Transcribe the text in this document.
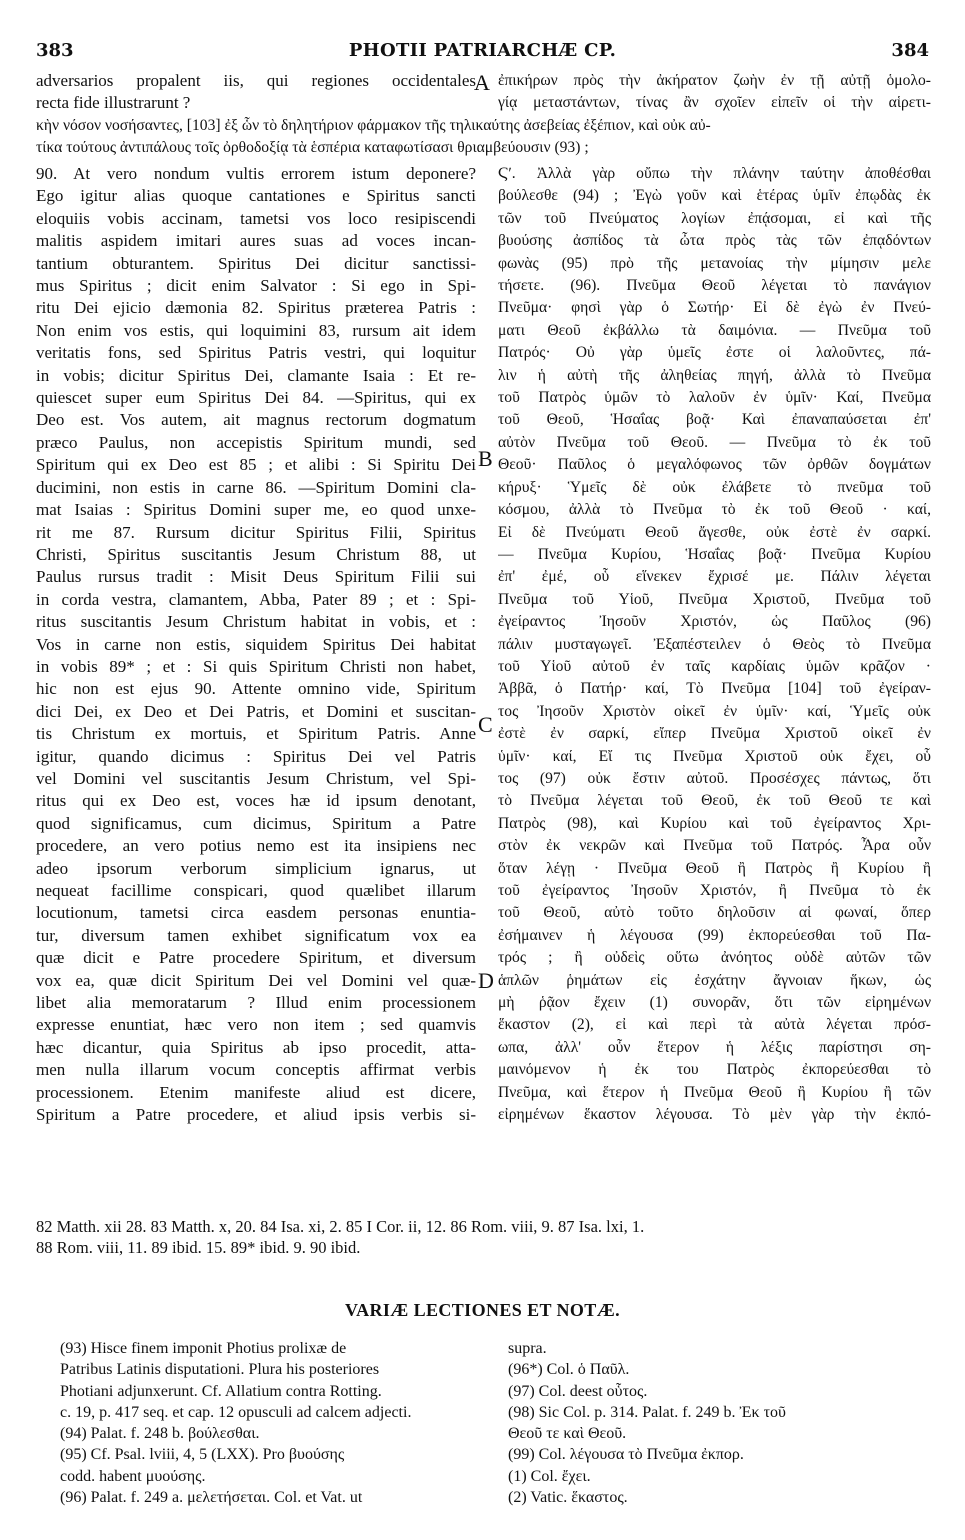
383	PHOTII PATRIARCHÆ CP.	384
adversarios propalent iis, qui regiones occidentales
recta fide illustrarunt ?
ἐπικήρων πρὸς τὴν ἀκήρατον ζωὴν ἐν τῇ αὐτῇ ὁμολο-
γίᾳ μεταστάντων, τίνας ἂν σχοῖεν εἰπεῖν οἱ τὴν αἱρετι-
κὴν νόσον νοσήσαντες, [103] ἐξ ὧν τὸ δηλητήριον φάρμακον τῆς τηλικαύτης ἀσεβείας ἐξέπιον, καὶ οὐκ αὐ-
τίκα τούτους ἀντιπάλους τοῖς ὀρθοδοξίᾳ τὰ ἑσπέρια καταφωτίσασι θριαμβεύουσιν (93) ;
A
B
C
D
90. At vero nondum vultis errorem istum deponere?
Ego igitur alias quoque cantationes e Spiritus sancti
eloquiis vobis accinam, tametsi vos loco resipiscendi
malitis aspidem imitari aures suas ad voces incan-
tantium obturantem. Spiritus Dei dicitur sanctissi-
mus Spiritus ; dicit enim Salvator : Si ego in Spi-
ritu Dei ejicio dæmonia 82. Spiritus præterea Patris :
Non enim vos estis, qui loquimini 83, rursum ait idem
veritatis fons, sed Spiritus Patris vestri, qui loquitur
in vobis; dicitur Spiritus Dei, clamante Isaia : Et re-
quiescet super eum Spiritus Dei 84. —Spiritus, qui ex
Deo est. Vos autem, ait magnus rectorum dogmatum
præco Paulus, non accepistis Spiritum mundi, sed
Spiritum qui ex Deo est 85 ; et alibi : Si Spiritu Dei
ducimini, non estis in carne 86. —Spiritum Domini cla-
mat Isaias : Spiritus Domini super me, eo quod unxe-
rit me 87. Rursum dicitur Spiritus Filii, Spiritus
Christi, Spiritus suscitantis Jesum Christum 88, ut
Paulus rursus tradit : Misit Deus Spiritum Filii sui
in corda vestra, clamantem, Abba, Pater 89 ; et : Spi-
ritus suscitantis Jesum Christum habitat in vobis, et :
Vos in carne non estis, siquidem Spiritus Dei habitat
in vobis 89* ; et : Si quis Spiritum Christi non habet,
hic non est ejus 90. Attente omnino vide, Spiritum
dici Dei, ex Deo et Dei Patris, et Domini et suscitan-
tis Christum ex mortuis, et Spiritum Patris. Anne
igitur, quando dicimus : Spiritus Dei vel Patris
vel Domini vel suscitantis Jesum Christum, vel Spi-
ritus qui ex Deo est, voces hæ id ipsum denotant,
quod significamus, cum dicimus, Spiritum a Patre
procedere, an vero potius nemo est ita insipiens nec
adeo ipsorum verborum simplicium ignarus, ut
nequeat facillime conspicari, quod quælibet illarum
locutionum, tametsi circa easdem personas enuntia-
tur, diversum tamen exhibet significatum vox ea
quæ dicit e Patre procedere Spiritum, et diversum
vox ea, quæ dicit Spiritum Dei vel Domini vel quæ-
libet alia memoratarum ? Illud enim processionem
expresse enuntiat, hæc vero non item ; sed quamvis
hæc dicantur, quia Spiritus ab ipso procedit, atta-
men nulla illarum vocum conceptis affirmat verbis
processionem. Etenim manifeste aliud est dicere,
Spiritum a Patre procedere, et aliud ipsis verbis si-
Ϛʹ. Ἀλλὰ γὰρ οὔπω τὴν πλάνην ταύτην ἀποθέσθαι
βούλεσθε (94) ; Ἐγὼ γοῦν καὶ ἑτέρας ὑμῖν ἐπῳδὰς ἐκ
τῶν τοῦ Πνεύματος λογίων ἐπᾴσομαι, εἰ καὶ τῆς
βυούσης ἀσπίδος τὰ ὦτα πρὸς τὰς τῶν ἐπᾳδόντων
φωνὰς (95) πρὸ τῆς μετανοίας τὴν μίμησιν μελε
τήσετε. (96). Πνεῦμα Θεοῦ λέγεται τὸ πανάγιον
Πνεῦμα· φησὶ γὰρ ὁ Σωτήρ· Εἰ δὲ ἐγὼ ἐν Πνεύ-
ματι Θεοῦ ἐκβάλλω τὰ δαιμόνια. — Πνεῦμα τοῦ
Πατρός· Οὐ γὰρ ὑμεῖς ἐστε οἱ λαλοῦντες, πά-
λιν ἡ αὐτὴ τῆς ἀληθείας πηγή, ἀλλὰ τὸ Πνεῦμα
τοῦ Πατρὸς ὑμῶν τὸ λαλοῦν ἐν ὑμῖν· Καί, Πνεῦμα
τοῦ Θεοῦ, Ἡσαΐας βοᾷ· Καὶ ἐπαναπαύσεται ἐπ'
αὐτὸν Πνεῦμα τοῦ Θεοῦ. — Πνεῦμα τὸ ἐκ τοῦ
Θεοῦ· Παῦλος ὁ μεγαλόφωνος τῶν ὀρθῶν δογμάτων
κήρυξ· Ὑμεῖς δὲ οὐκ ἐλάβετε τὸ πνεῦμα τοῦ
κόσμου, ἀλλὰ τὸ Πνεῦμα τὸ ἐκ τοῦ Θεοῦ · καί,
Εἰ δὲ Πνεύματι Θεοῦ ἄγεσθε, οὐκ ἐστὲ ἐν σαρκί.
— Πνεῦμα Κυρίου, Ἡσαΐας βοᾷ· Πνεῦμα Κυρίου
ἐπ' ἐμέ, οὗ εἵνεκεν ἔχρισέ με. Πάλιν λέγεται
Πνεῦμα τοῦ Υἱοῦ, Πνεῦμα Χριστοῦ, Πνεῦμα τοῦ
ἐγείραντος Ἰησοῦν Χριστόν, ὡς Παῦλος (96)
πάλιν μυσταγωγεῖ. Ἐξαπέστειλεν ὁ Θεὸς τὸ Πνεῦμα
τοῦ Υἱοῦ αὐτοῦ ἐν ταῖς καρδίαις ὑμῶν κρᾶζον ·
Ἀββᾶ, ὁ Πατήρ· καί, Τὸ Πνεῦμα [104] τοῦ ἐγείραν-
τος Ἰησοῦν Χριστὸν οἰκεῖ ἐν ὑμῖν· καί, Ὑμεῖς οὐκ
ἐστὲ ἐν σαρκί, εἴπερ Πνεῦμα Χριστοῦ οἰκεῖ ἐν
ὑμῖν· καί, Εἴ τις Πνεῦμα Χριστοῦ οὐκ ἔχει, οὗ
τος (97) οὐκ ἔστιν αὐτοῦ. Προσέσχες πάντως, ὅτι
τὸ Πνεῦμα λέγεται τοῦ Θεοῦ, ἐκ τοῦ Θεοῦ τε καὶ
Πατρὸς (98), καὶ Κυρίου καὶ τοῦ ἐγείραντος Χρι-
στὸν ἐκ νεκρῶν καὶ Πνεῦμα τοῦ Πατρός. Ἆρα οὖν
ὅταν λέγῃ · Πνεῦμα Θεοῦ ἢ Πατρὸς ἢ Κυρίου ἢ
τοῦ ἐγείραντος Ἰησοῦν Χριστόν, ἢ Πνεῦμα τὸ ἐκ
τοῦ Θεοῦ, αὐτὸ τοῦτο δηλοῦσιν αἱ φωναί, ὅπερ
ἐσήμαινεν ἡ λέγουσα (99) ἐκπορεύεσθαι τοῦ Πα-
τρός ; ἢ οὐδεὶς οὕτω ἀνόητος οὐδὲ αὐτῶν τῶν
ἁπλῶν ῥημάτων εἰς ἐσχάτην ἄγνοιαν ἥκων, ὡς
μὴ ῥᾷον ἔχειν (1) συνορᾶν, ὅτι τῶν εἰρημένων
ἕκαστον (2), εἰ καὶ περὶ τὰ αὐτὰ λέγεται πρόσ-
ωπα, ἀλλ' οὖν ἕτερον ἡ λέξις παρίστησι ση-
μαινόμενον ἡ ἐκ του Πατρὸς ἐκπορεύεσθαι τὸ
Πνεῦμα, καὶ ἕτερον ἡ Πνεῦμα Θεοῦ ἢ Κυρίου ἢ τῶν
εἰρημένων ἕκαστον λέγουσα. Τὸ μὲν γὰρ τὴν ἐκπό-
82 Matth. xii 28. 83 Matth. x, 20. 84 Isa. xi, 2. 85 I Cor. ii, 12. 86 Rom. viii, 9. 87 Isa. lxi, 1.
88 Rom. viii, 11. 89 ibid. 15. 89* ibid. 9. 90 ibid.
VARIÆ LECTIONES ET NOTÆ.
(93) Hisce finem imponit Photius prolixæ de
Patribus Latinis disputationi. Plura his posteriores
Photiani adjunxerunt. Cf. Allatium contra Rotting.
c. 19, p. 417 seq. et cap. 12 opusculi ad calcem adjecti.
(94) Palat. f. 248 b. βούλεσθαι.
(95) Cf. Psal. lviii, 4, 5 (LXX). Pro βυούσης
codd. habent μυούσης.
(96) Palat. f. 249 a. μελετήσεται. Col. et Vat. ut
supra.
(96*) Col. ὁ Παῦλ.
(97) Col. deest οὗτος.
(98) Sic Col. p. 314. Palat. f. 249 b. Ἐκ τοῦ
Θεοῦ τε καὶ Θεοῦ.
(99) Col. λέγουσα τὸ Πνεῦμα ἐκπορ.
(1) Col. ἔχει.
(2) Vatic. ἕκαστος.
